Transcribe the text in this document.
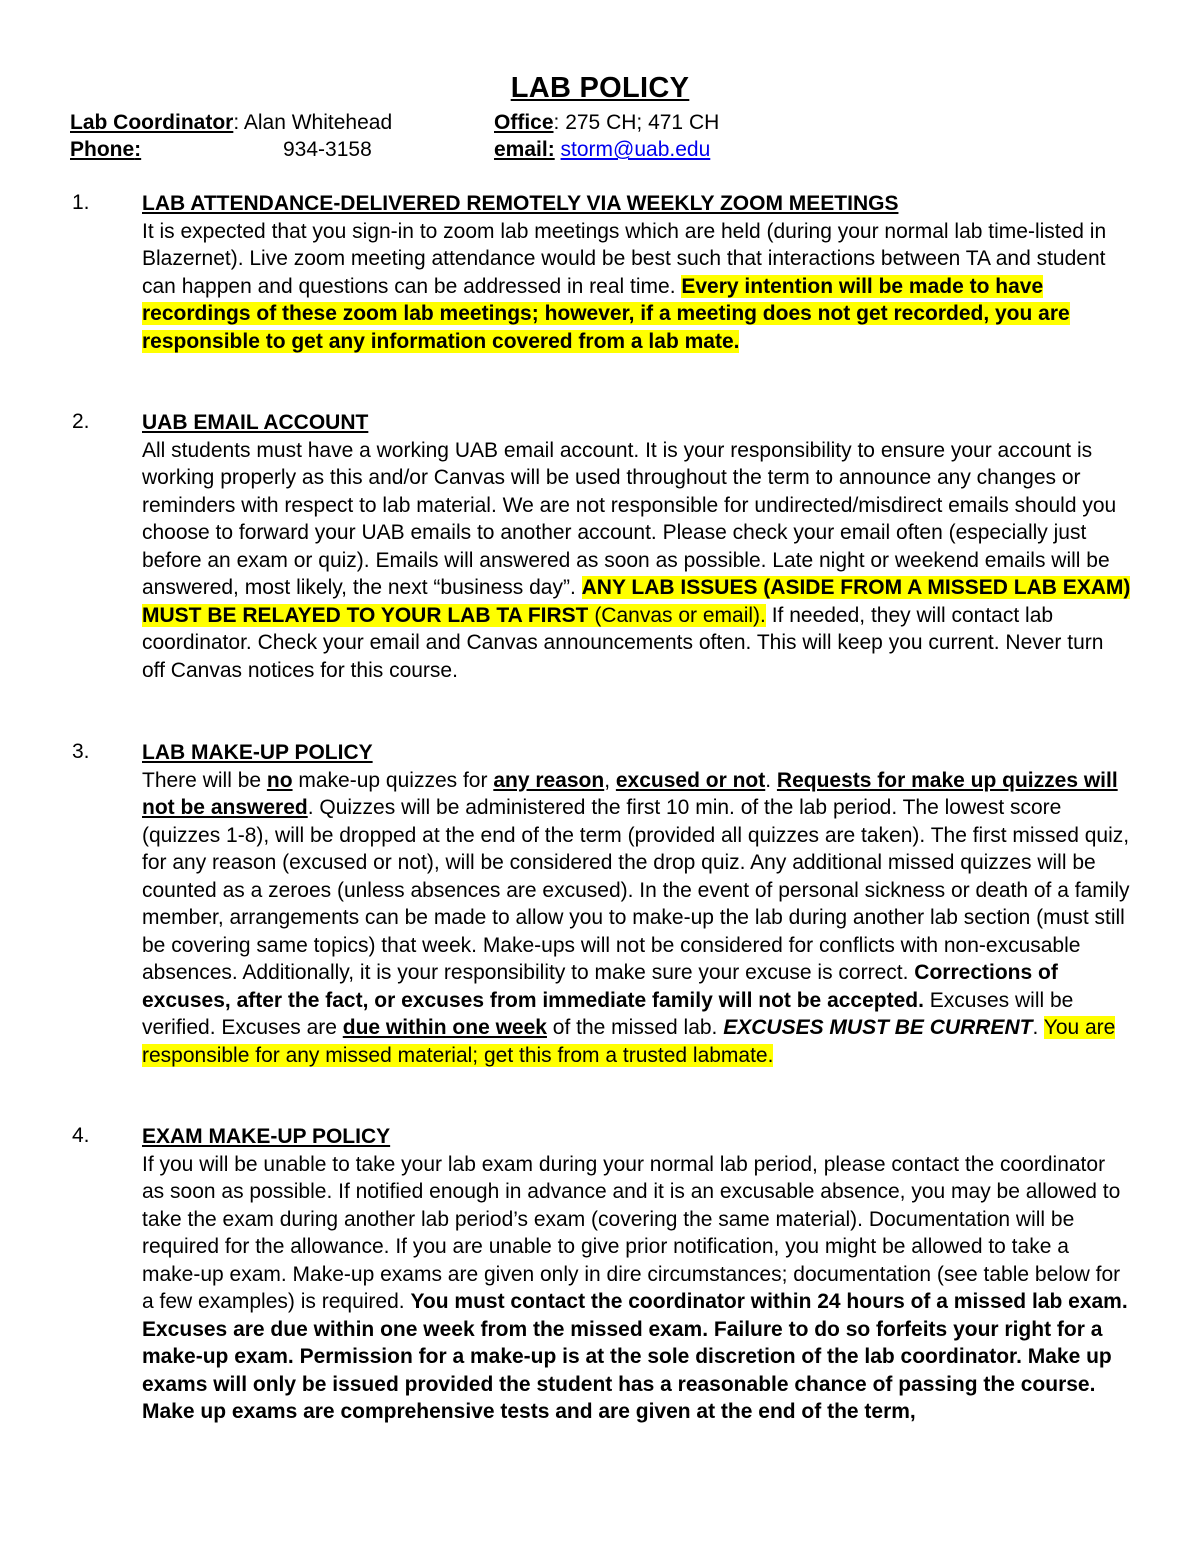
LAB POLICY
Lab Coordinator: Alan Whitehead	Office: 275 CH; 471 CH
Phone:	934-3158	email: storm@uab.edu
1. LAB ATTENDANCE-DELIVERED REMOTELY VIA WEEKLY ZOOM MEETINGS

It is expected that you sign-in to zoom lab meetings which are held (during your normal lab time-listed in Blazernet). Live zoom meeting attendance would be best such that interactions between TA and student can happen and questions can be addressed in real time. Every intention will be made to have recordings of these zoom lab meetings; however, if a meeting does not get recorded, you are responsible to get any information covered from a lab mate.

2. UAB EMAIL ACCOUNT

All students must have a working UAB email account. It is your responsibility to ensure your account is working properly as this and/or Canvas will be used throughout the term to announce any changes or reminders with respect to lab material. We are not responsible for undirected/misdirect emails should you choose to forward your UAB emails to another account. Please check your email often (especially just before an exam or quiz). Emails will answered as soon as possible. Late night or weekend emails will be answered, most likely, the next “business day”. ANY LAB ISSUES (ASIDE FROM A MISSED LAB EXAM) MUST BE RELAYED TO YOUR LAB TA FIRST (Canvas or email). If needed, they will contact lab coordinator. Check your email and Canvas announcements often. This will keep you current. Never turn off Canvas notices for this course.

3. LAB MAKE-UP POLICY

There will be no make-up quizzes for any reason, excused or not. Requests for make up quizzes will not be answered. Quizzes will be administered the first 10 min. of the lab period. The lowest score (quizzes 1-8), will be dropped at the end of the term (provided all quizzes are taken). The first missed quiz, for any reason (excused or not), will be considered the drop quiz. Any additional missed quizzes will be counted as a zeroes (unless absences are excused). In the event of personal sickness or death of a family member, arrangements can be made to allow you to make-up the lab during another lab section (must still be covering same topics) that week. Make-ups will not be considered for conflicts with non-excusable absences. Additionally, it is your responsibility to make sure your excuse is correct. Corrections of excuses, after the fact, or excuses from immediate family will not be accepted. Excuses will be verified. Excuses are due within one week of the missed lab. EXCUSES MUST BE CURRENT. You are responsible for any missed material; get this from a trusted labmate.

4. EXAM MAKE-UP POLICY

If you will be unable to take your lab exam during your normal lab period, please contact the coordinator as soon as possible. If notified enough in advance and it is an excusable absence, you may be allowed to take the exam during another lab period’s exam (covering the same material). Documentation will be required for the allowance. If you are unable to give prior notification, you might be allowed to take a make-up exam. Make-up exams are given only in dire circumstances; documentation (see table below for a few examples) is required. You must contact the coordinator within 24 hours of a missed lab exam. Excuses are due within one week from the missed exam. Failure to do so forfeits your right for a make-up exam. Permission for a make-up is at the sole discretion of the lab coordinator. Make up exams will only be issued provided the student has a reasonable chance of passing the course. Make up exams are comprehensive tests and are given at the end of the term,
